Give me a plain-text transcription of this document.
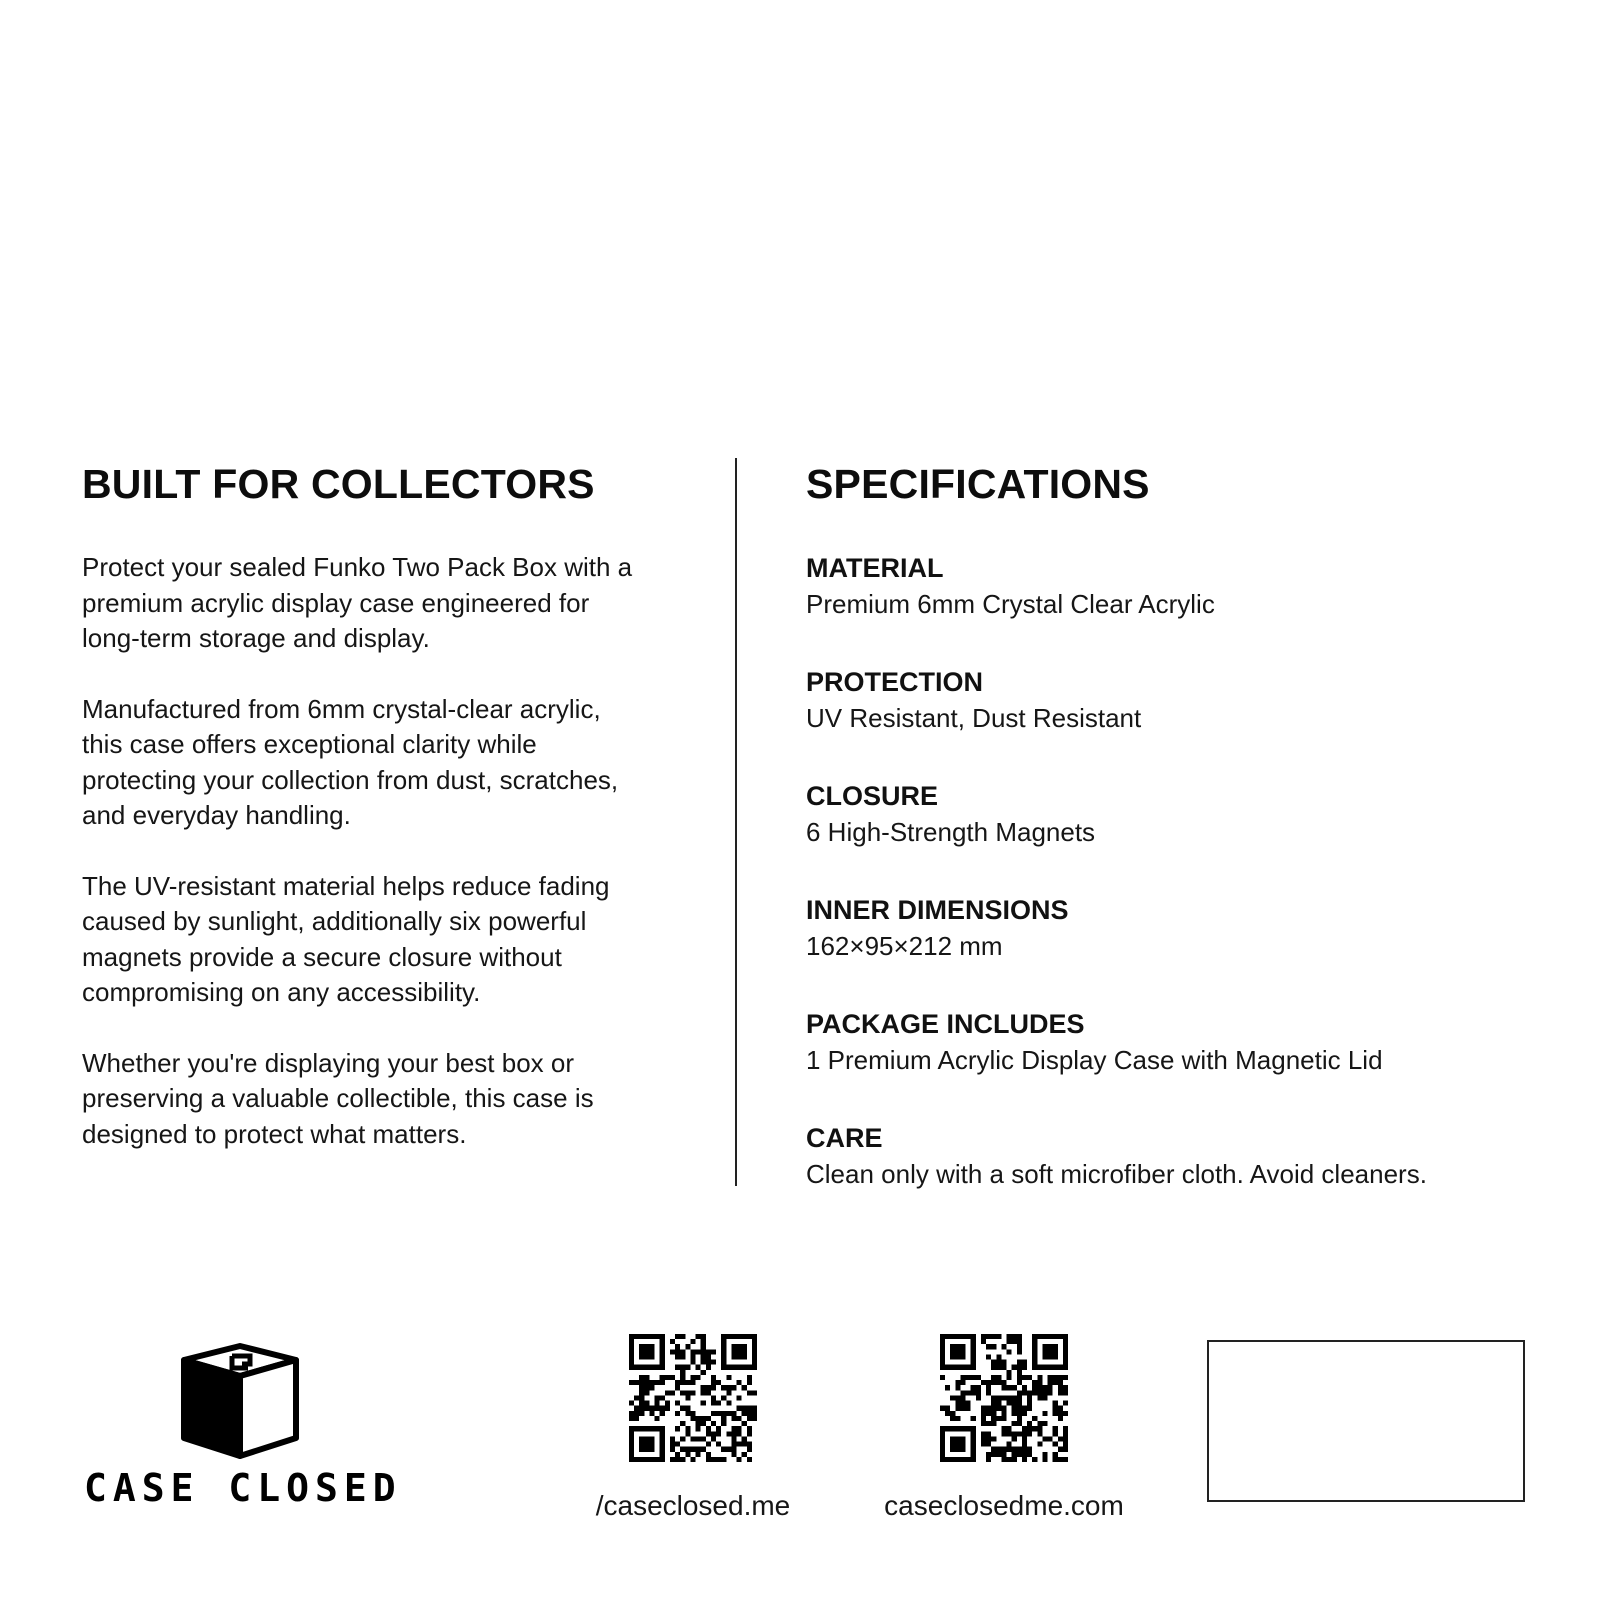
BUILT FOR COLLECTORS

Protect your sealed Funko Two Pack Box with a premium acrylic display case engineered for long-term storage and display.

Manufactured from 6mm crystal-clear acrylic, this case offers exceptional clarity while protecting your collection from dust, scratches, and everyday handling.

The UV-resistant material helps reduce fading caused by sunlight, additionally six powerful magnets provide a secure closure without compromising on any accessibility.

Whether you're displaying your best box or preserving a valuable collectible, this case is designed to protect what matters.

SPECIFICATIONS
MATERIAL
Premium 6mm Crystal Clear Acrylic
PROTECTION
UV Resistant, Dust Resistant
CLOSURE
6 High-Strength Magnets
INNER DIMENSIONS
162×95×212 mm
PACKAGE INCLUDES
1 Premium Acrylic Display Case with Magnetic Lid
CARE
Clean only with a soft microfiber cloth. Avoid cleaners.
CASE CLOSED	/caseclosed.me	caseclosedme.com
